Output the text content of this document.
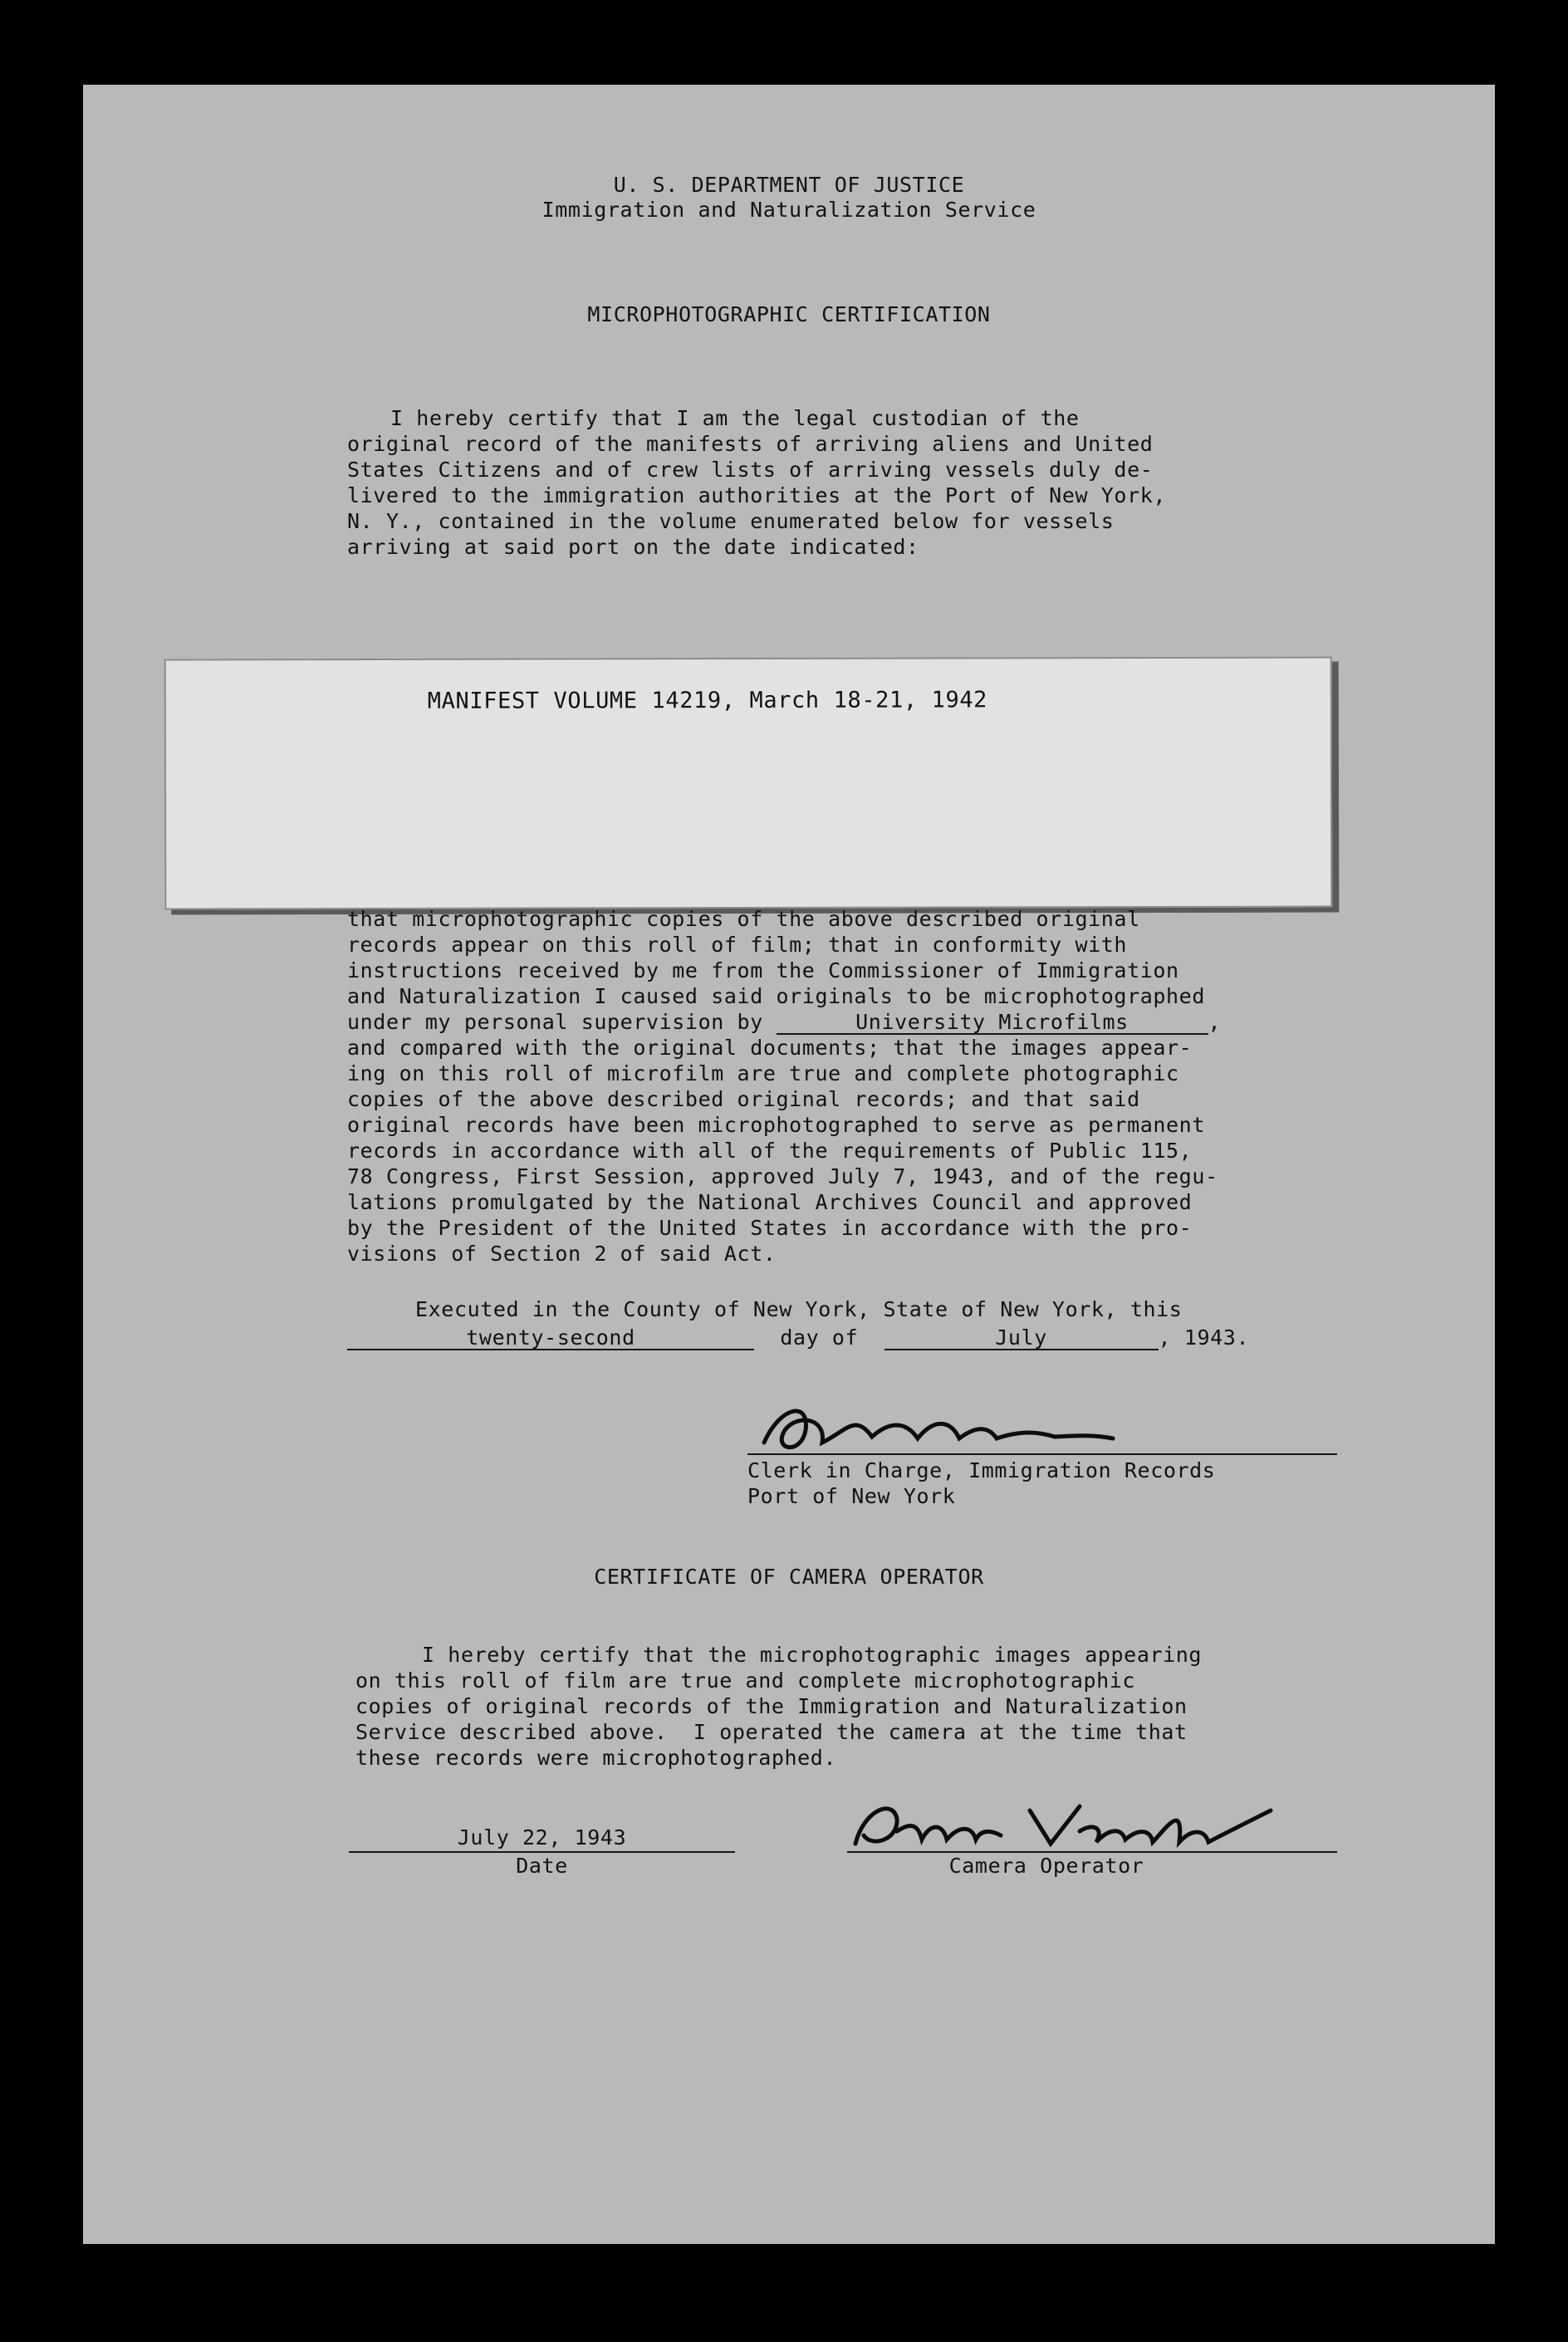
U. S. DEPARTMENT OF JUSTICE
Immigration and Naturalization Service
MICROPHOTOGRAPHIC CERTIFICATION
I hereby certify that I am the legal custodian of the
original record of the manifests of arriving aliens and United
States Citizens and of crew lists of arriving vessels duly de-
livered to the immigration authorities at the Port of New York,
N. Y., contained in the volume enumerated below for vessels
arriving at said port on the date indicated:
MANIFEST VOLUME 14219, March 18-21, 1942
that microphotographic copies of the above described original
records appear on this roll of film; that in conformity with
instructions received by me from the Commissioner of Immigration
and Naturalization I caused said originals to be microphotographed
under my personal supervision by	University Microfilms	,
and compared with the original documents; that the images appear-
ing on this roll of microfilm are true and complete photographic
copies of the above described original records; and that said
original records have been microphotographed to serve as permanent
records in accordance with all of the requirements of Public 115,
78 Congress, First Session, approved July 7, 1943, and of the regu-
lations promulgated by the National Archives Council and approved
by the President of the United States in accordance with the pro-
visions of Section 2 of said Act.
Executed in the County of New York, State of New York, this
twenty-second	day of	July	, 1943.
Clerk in Charge, Immigration Records
Port of New York
CERTIFICATE OF CAMERA OPERATOR
I hereby certify that the microphotographic images appearing
on this roll of film are true and complete microphotographic
copies of original records of the Immigration and Naturalization
Service described above.  I operated the camera at the time that
these records were microphotographed.
July 22, 1943
Date	Camera Operator
